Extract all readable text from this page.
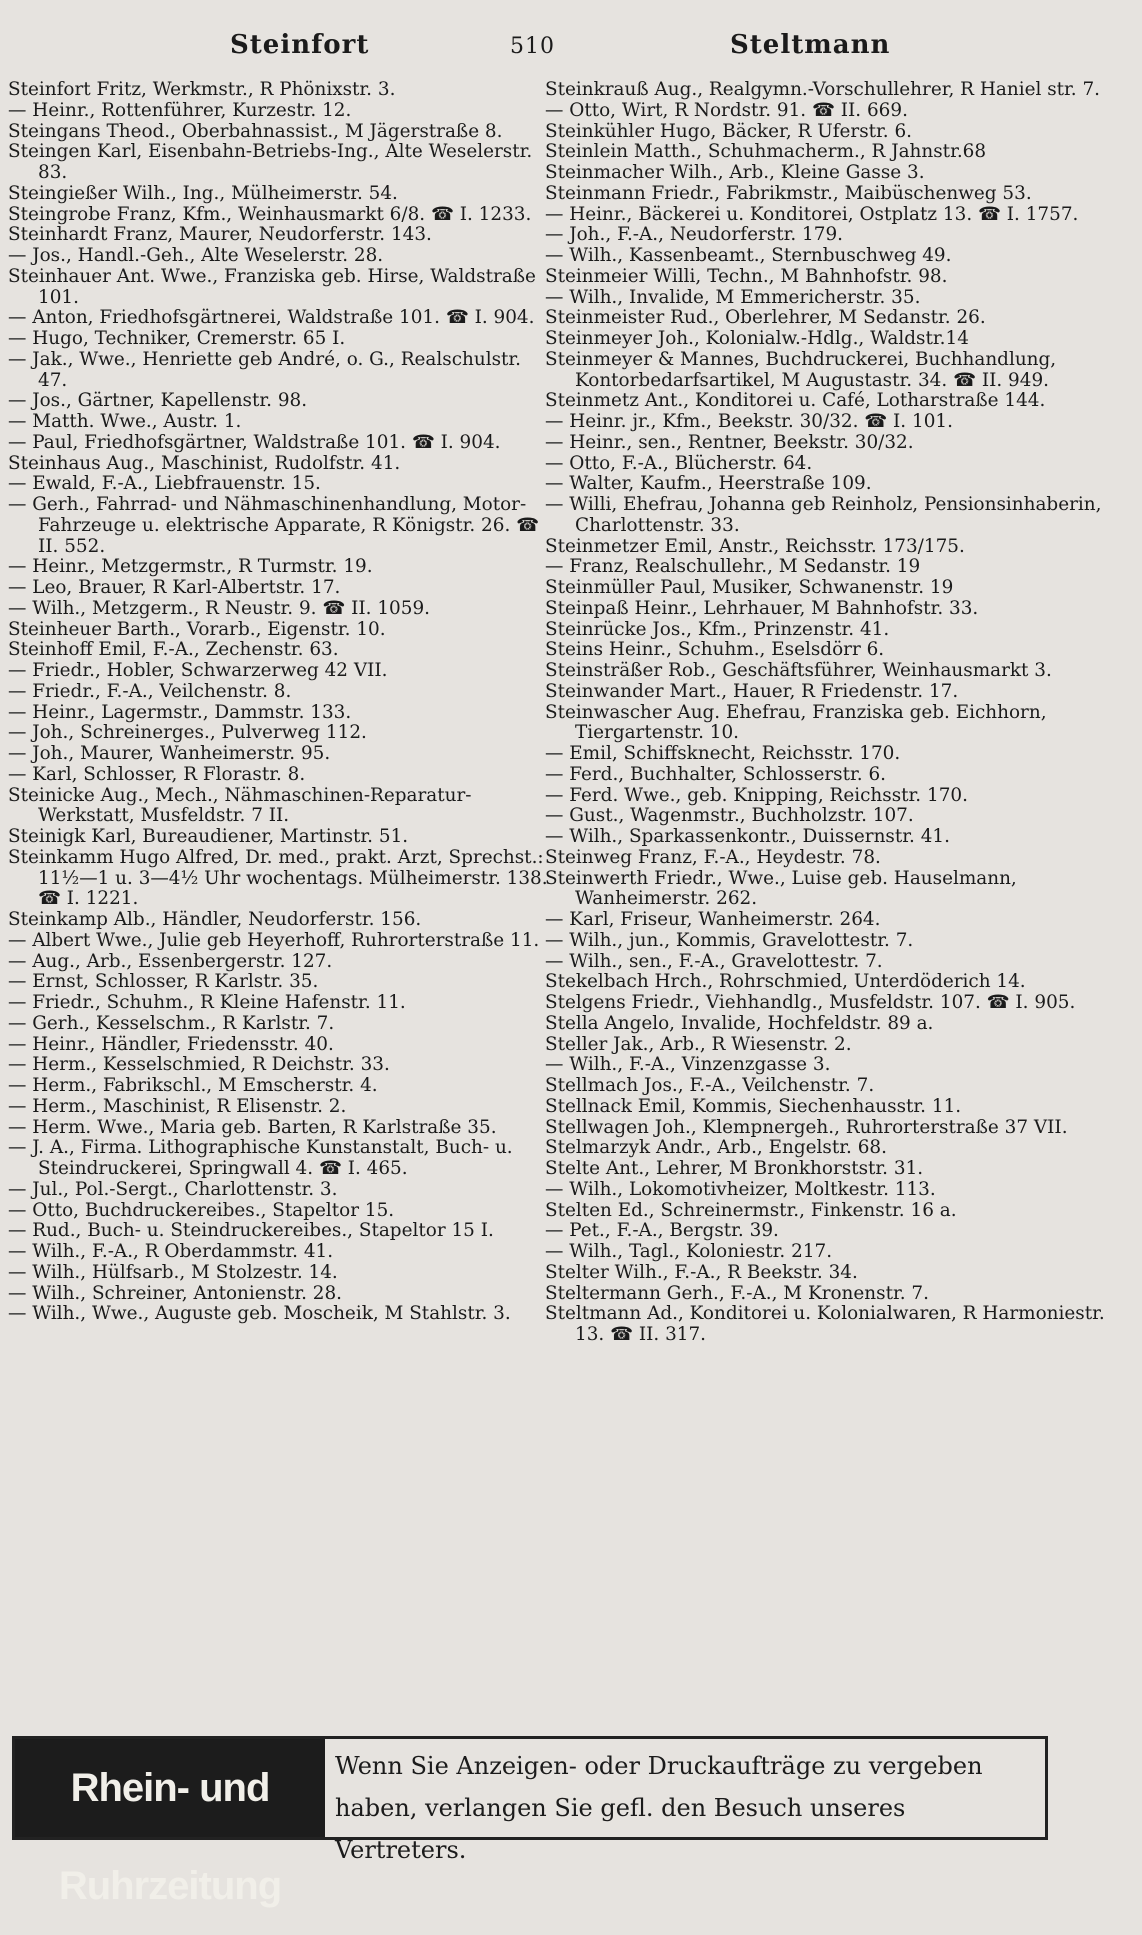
Steinfort	510	Steltmann

Steinfort Fritz, Werkmstr., R Phönixstr. 3.

— Heinr., Rottenführer, Kurzestr. 12.

Steingans Theod., Oberbahnassist., M Jägerstraße 8.

Steingen Karl, Eisenbahn-Betriebs-Ing., Alte Weselerstr. 83.

Steingießer Wilh., Ing., Mülheimerstr. 54.

Steingrobe Franz, Kfm., Weinhausmarkt 6/8. ☎ I. 1233.

Steinhardt Franz, Maurer, Neudorferstr. 143.

— Jos., Handl.-Geh., Alte Weselerstr. 28.

Steinhauer Ant. Wwe., Franziska geb. Hirse, Waldstraße 101.

— Anton, Friedhofsgärtnerei, Waldstraße 101. ☎ I. 904.

— Hugo, Techniker, Cremerstr. 65 I.

— Jak., Wwe., Henriette geb André, o. G., Realschulstr. 47.

— Jos., Gärtner, Kapellenstr. 98.

— Matth. Wwe., Austr. 1.

— Paul, Friedhofsgärtner, Waldstraße 101. ☎ I. 904.

Steinhaus Aug., Maschinist, Rudolfstr. 41.

— Ewald, F.-A., Liebfrauenstr. 15.

— Gerh., Fahrrad- und Nähmaschinenhandlung, Motor-Fahrzeuge u. elektrische Apparate, R Königstr. 26. ☎ II. 552.

— Heinr., Metzgermstr., R Turmstr. 19.

— Leo, Brauer, R Karl-Albertstr. 17.

— Wilh., Metzgerm., R Neustr. 9. ☎ II. 1059.

Steinheuer Barth., Vorarb., Eigenstr. 10.

Steinhoff Emil, F.-A., Zechenstr. 63.

— Friedr., Hobler, Schwarzerweg 42 VII.

— Friedr., F.-A., Veilchenstr. 8.

— Heinr., Lagermstr., Dammstr. 133.

— Joh., Schreinerges., Pulverweg 112.

— Joh., Maurer, Wanheimerstr. 95.

— Karl, Schlosser, R Florastr. 8.

Steinicke Aug., Mech., Nähmaschinen-Reparatur-Werkstatt, Musfeldstr. 7 II.

Steinigk Karl, Bureaudiener, Martinstr. 51.

Steinkamm Hugo Alfred, Dr. med., prakt. Arzt, Sprechst.: 11½—1 u. 3—4½ Uhr wochentags. Mülheimerstr. 138. ☎ I. 1221.

Steinkamp Alb., Händler, Neudorferstr. 156.

— Albert Wwe., Julie geb Heyerhoff, Ruhrorterstraße 11.

— Aug., Arb., Essenbergerstr. 127.

— Ernst, Schlosser, R Karlstr. 35.

— Friedr., Schuhm., R Kleine Hafenstr. 11.

— Gerh., Kesselschm., R Karlstr. 7.

— Heinr., Händler, Friedensstr. 40.

— Herm., Kesselschmied, R Deichstr. 33.

— Herm., Fabrikschl., M Emscherstr. 4.

— Herm., Maschinist, R Elisenstr. 2.

— Herm. Wwe., Maria geb. Barten, R Karlstraße 35.

— J. A., Firma. Lithographische Kunstanstalt, Buch- u. Steindruckerei, Springwall 4. ☎ I. 465.

— Jul., Pol.-Sergt., Charlottenstr. 3.

— Otto, Buchdruckereibes., Stapeltor 15.

— Rud., Buch- u. Steindruckereibes., Stapeltor 15 I.

— Wilh., F.-A., R Oberdammstr. 41.

— Wilh., Hülfsarb., M Stolzestr. 14.

— Wilh., Schreiner, Antonienstr. 28.

— Wilh., Wwe., Auguste geb. Moscheik, M Stahlstr. 3.

Steinkrauß Aug., Realgymn.-Vorschullehrer, R Haniel str. 7.

— Otto, Wirt, R Nordstr. 91. ☎ II. 669.

Steinkühler Hugo, Bäcker, R Uferstr. 6.

Steinlein Matth., Schuhmacherm., R Jahnstr.68

Steinmacher Wilh., Arb., Kleine Gasse 3.

Steinmann Friedr., Fabrikmstr., Maibüschenweg 53.

— Heinr., Bäckerei u. Konditorei, Ostplatz 13. ☎ I. 1757.

— Joh., F.-A., Neudorferstr. 179.

— Wilh., Kassenbeamt., Sternbuschweg 49.

Steinmeier Willi, Techn., M Bahnhofstr. 98.

— Wilh., Invalide, M Emmericherstr. 35.

Steinmeister Rud., Oberlehrer, M Sedanstr. 26.

Steinmeyer Joh., Kolonialw.-Hdlg., Waldstr.14

Steinmeyer & Mannes, Buchdruckerei, Buchhandlung, Kontorbedarfsartikel, M Augustastr. 34. ☎ II. 949.

Steinmetz Ant., Konditorei u. Café, Lotharstraße 144.

— Heinr. jr., Kfm., Beekstr. 30/32. ☎ I. 101.

— Heinr., sen., Rentner, Beekstr. 30/32.

— Otto, F.-A., Blücherstr. 64.

— Walter, Kaufm., Heerstraße 109.

— Willi, Ehefrau, Johanna geb Reinholz, Pensionsinhaberin, Charlottenstr. 33.

Steinmetzer Emil, Anstr., Reichsstr. 173/175.

— Franz, Realschullehr., M Sedanstr. 19

Steinmüller Paul, Musiker, Schwanenstr. 19

Steinpaß Heinr., Lehrhauer, M Bahnhofstr. 33.

Steinrücke Jos., Kfm., Prinzenstr. 41.

Steins Heinr., Schuhm., Eselsdörr 6.

Steinsträßer Rob., Geschäftsführer, Weinhausmarkt 3.

Steinwander Mart., Hauer, R Friedenstr. 17.

Steinwascher Aug. Ehefrau, Franziska geb. Eichhorn, Tiergartenstr. 10.

— Emil, Schiffsknecht, Reichsstr. 170.

— Ferd., Buchhalter, Schlosserstr. 6.

— Ferd. Wwe., geb. Knipping, Reichsstr. 170.

— Gust., Wagenmstr., Buchholzstr. 107.

— Wilh., Sparkassenkontr., Duissernstr. 41.

Steinweg Franz, F.-A., Heydestr. 78.

Steinwerth Friedr., Wwe., Luise geb. Hauselmann, Wanheimerstr. 262.

— Karl, Friseur, Wanheimerstr. 264.

— Wilh., jun., Kommis, Gravelottestr. 7.

— Wilh., sen., F.-A., Gravelottestr. 7.

Stekelbach Hrch., Rohrschmied, Unterdöderich 14.

Stelgens Friedr., Viehhandlg., Musfeldstr. 107. ☎ I. 905.

Stella Angelo, Invalide, Hochfeldstr. 89 a.

Steller Jak., Arb., R Wiesenstr. 2.

— Wilh., F.-A., Vinzenzgasse 3.

Stellmach Jos., F.-A., Veilchenstr. 7.

Stellnack Emil, Kommis, Siechenhausstr. 11.

Stellwagen Joh., Klempnergeh., Ruhrorterstraße 37 VII.

Stelmarzyk Andr., Arb., Engelstr. 68.

Stelte Ant., Lehrer, M Bronkhorststr. 31.

— Wilh., Lokomotivheizer, Moltkestr. 113.

Stelten Ed., Schreinermstr., Finkenstr. 16 a.

— Pet., F.-A., Bergstr. 39.

— Wilh., Tagl., Koloniestr. 217.

Stelter Wilh., F.-A., R Beekstr. 34.

Steltermann Gerh., F.-A., M Kronenstr. 7.

Steltmann Ad., Konditorei u. Kolonialwaren, R Harmoniestr. 13. ☎ II. 317.

Rhein- und Ruhrzeitung
Wenn Sie Anzeigen- oder Druckaufträge zu vergeben
haben, verlangen Sie gefl. den Besuch unseres Vertreters.
